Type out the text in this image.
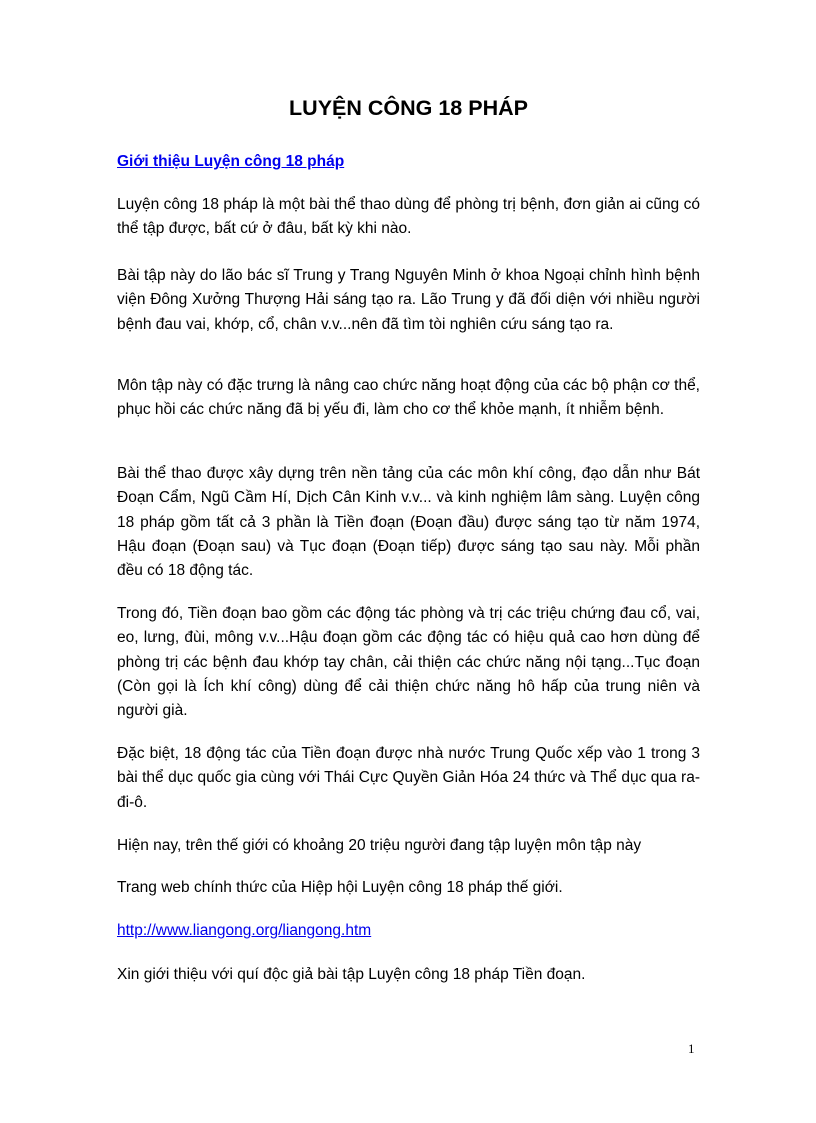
LUYỆN CÔNG 18 PHÁP
Giới thiệu Luyện công 18 pháp

Luyện công 18 pháp là một bài thể thao dùng để phòng trị bệnh, đơn giản ai cũng có thể tập được, bất cứ ở đâu, bất kỳ khi nào.

Bài tập này do lão bác sĩ Trung y Trang Nguyên Minh ở khoa Ngoại chỉnh hình bệnh viện Đông Xưởng Thượng Hải sáng tạo ra. Lão Trung y đã đối diện với nhiều người bệnh đau vai, khớp, cổ, chân v.v...nên đã tìm tòi nghiên cứu sáng tạo ra.

Môn tập này có đặc trưng là nâng cao chức năng hoạt động của các bộ phận cơ thể, phục hồi các chức năng đã bị yếu đi, làm cho cơ thể khỏe mạnh, ít nhiễm bệnh.

Bài thể thao được xây dựng trên nền tảng của các môn khí công, đạo dẫn như Bát Đoạn Cẩm, Ngũ Cầm Hí, Dịch Cân Kinh v.v... và kinh nghiệm lâm sàng. Luyện công 18 pháp gồm tất cả 3 phần là Tiền đoạn (Đoạn đầu) được sáng tạo từ năm 1974, Hậu đoạn (Đoạn sau) và Tục đoạn (Đoạn tiếp) được sáng tạo sau này. Mỗi phần đều có 18 động tác.

Trong đó, Tiền đoạn bao gồm các động tác phòng và trị các triệu chứng đau cổ, vai, eo, lưng, đùi, mông v.v...Hậu đoạn gồm các động tác có hiệu quả cao hơn dùng để phòng trị các bệnh đau khớp tay chân, cải thiện các chức năng nội tạng...Tục đoạn (Còn gọi là Ích khí công) dùng để cải thiện chức năng hô hấp của trung niên và người già.

Đặc biệt, 18 động tác của Tiền đoạn được nhà nước Trung Quốc xếp vào 1 trong 3 bài thể dục quốc gia cùng với Thái Cực Quyền Giản Hóa 24 thức và Thể dục qua ra-đi-ô.

Hiện nay, trên thế giới có khoảng 20 triệu người đang tập luyện môn tập này

Trang web chính thức của Hiệp hội Luyện công 18 pháp thế giới.

http://www.liangong.org/liangong.htm

Xin giới thiệu với quí độc giả bài tập Luyện công 18 pháp Tiền đoạn.

1
